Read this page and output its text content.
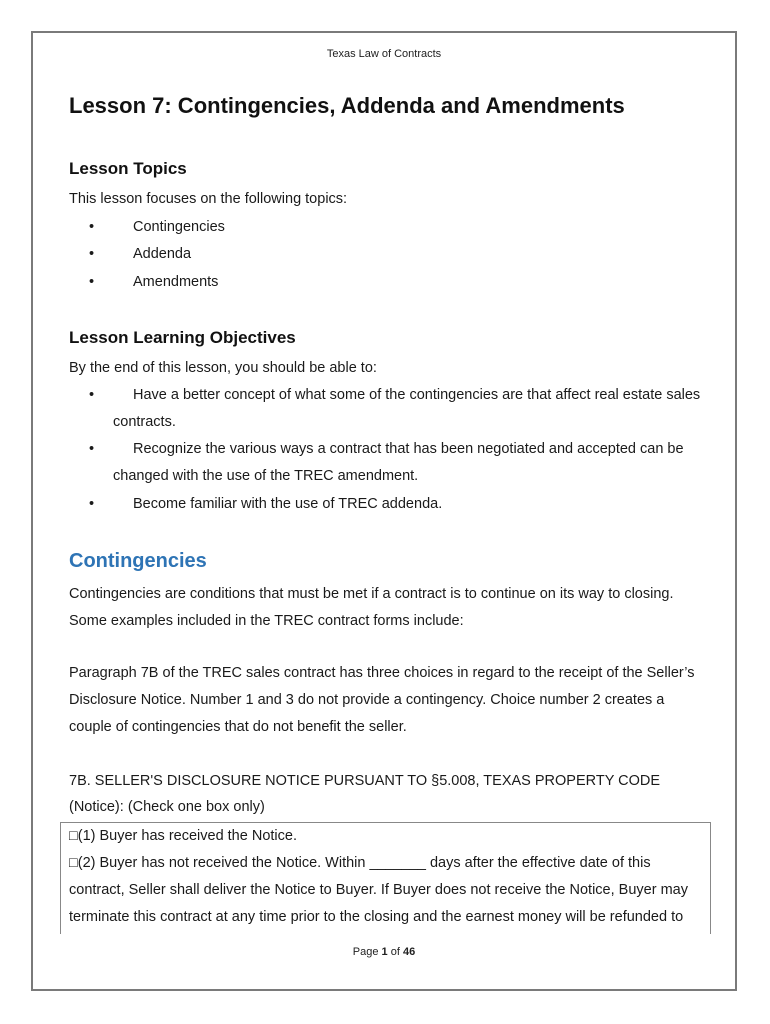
Texas Law of Contracts
Lesson 7: Contingencies, Addenda and Amendments
Lesson Topics
This lesson focuses on the following topics:
•	Contingencies
•	Addenda
•	Amendments
Lesson Learning Objectives
By the end of this lesson, you should be able to:
•	Have a better concept of what some of the contingencies are that affect real estate sales
contracts.
•	Recognize the various ways a contract that has been negotiated and accepted can be
changed with the use of the TREC amendment.
•	Become familiar with the use of TREC addenda.
Contingencies
Contingencies are conditions that must be met if a contract is to continue on its way to closing.
Some examples included in the TREC contract forms include:
Paragraph 7B of the TREC sales contract has three choices in regard to the receipt of the Seller’s
Disclosure Notice. Number 1 and 3 do not provide a contingency. Choice number 2 creates a
couple of contingencies that do not benefit the seller.
7B. SELLER'S DISCLOSURE NOTICE PURSUANT TO §5.008, TEXAS PROPERTY CODE
(Notice): (Check one box only)
□(1) Buyer has received the Notice.
□(2) Buyer has not received the Notice. Within _______ days after the effective date of this
contract, Seller shall deliver the Notice to Buyer. If Buyer does not receive the Notice, Buyer may
terminate this contract at any time prior to the closing and the earnest money will be refunded to
Page 1 of 46
